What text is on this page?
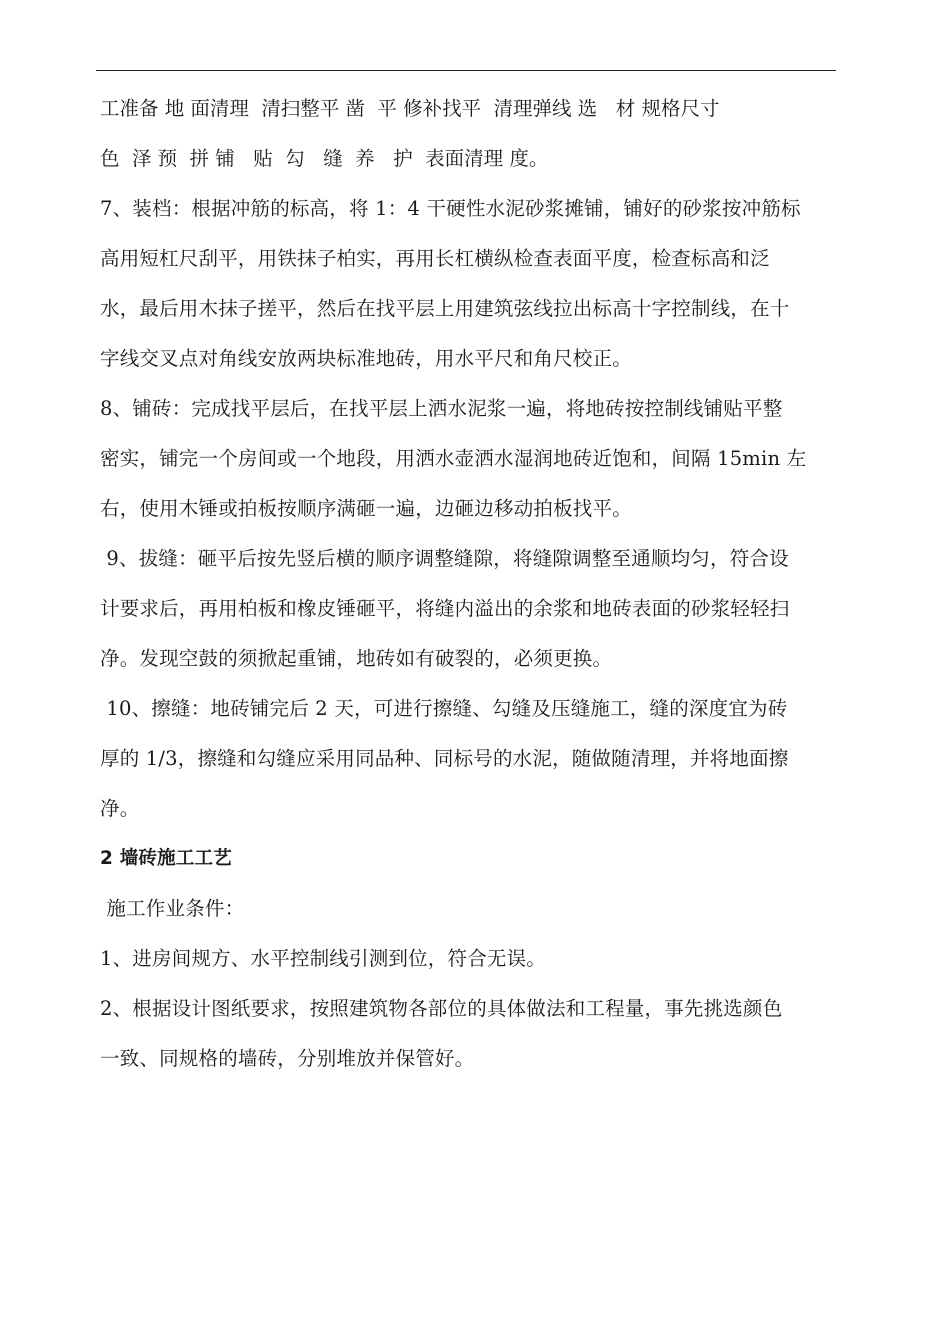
工准备 地 面清理  清扫整平 凿  平 修补找平  清理弹线 选   材 规格尺寸
色  泽 预  拼 铺   贴  勾   缝  养   护  表面清理 度。
7、装档：根据冲筋的标高，将 1：4 干硬性水泥砂浆摊铺，铺好的砂浆按冲筋标
高用短杠尺刮平，用铁抹子柏实，再用长杠横纵检查表面平度，检查标高和泛
水，最后用木抹子搓平，然后在找平层上用建筑弦线拉出标高十字控制线，在十
字线交叉点对角线安放两块标准地砖，用水平尺和角尺校正。
8、铺砖：完成找平层后，在找平层上洒水泥浆一遍，将地砖按控制线铺贴平整
密实，铺完一个房间或一个地段，用洒水壶洒水湿润地砖近饱和，间隔 15min 左
右，使用木锤或拍板按顺序满砸一遍，边砸边移动拍板找平。
9、拔缝：砸平后按先竖后横的顺序调整缝隙，将缝隙调整至通顺均匀，符合设
计要求后，再用柏板和橡皮锤砸平，将缝内溢出的余浆和地砖表面的砂浆轻轻扫
净。发现空鼓的须掀起重铺，地砖如有破裂的，必须更换。
10、擦缝：地砖铺完后 2 天，可进行擦缝、勾缝及压缝施工，缝的深度宜为砖
厚的 1/3，擦缝和勾缝应采用同品种、同标号的水泥，随做随清理，并将地面擦
净。
2 墙砖施工工艺
施工作业条件：
1、进房间规方、水平控制线引测到位，符合无误。
2、根据设计图纸要求，按照建筑物各部位的具体做法和工程量，事先挑选颜色
一致、同规格的墙砖，分别堆放并保管好。
